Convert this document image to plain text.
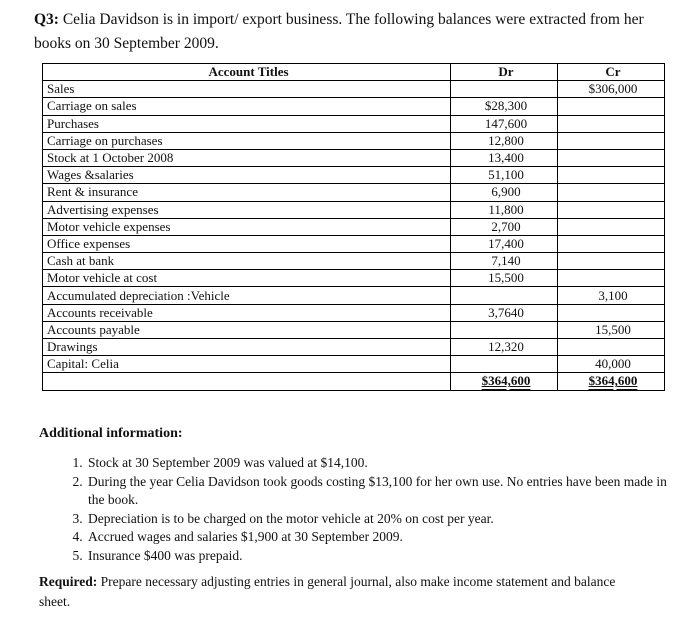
Q3: Celia Davidson is in import/ export business. The following balances were extracted from her books on 30 September 2009.
Account Titles	Dr	Cr
Sales		$306,000
Carriage on sales	$28,300	
Purchases	147,600	
Carriage on purchases	12,800	
Stock at 1 October 2008	13,400	
Wages &salaries	51,100	
Rent & insurance	6,900	
Advertising expenses	11,800	
Motor vehicle expenses	2,700	
Office expenses	17,400	
Cash at bank	7,140	
Motor vehicle at cost	15,500	
Accumulated depreciation :Vehicle		3,100
Accounts receivable	3,7640	
Accounts payable		15,500
Drawings	12,320	
Capital: Celia		40,000
	$364,600	$364,600
Additional information:
1. Stock at 30 September 2009 was valued at $14,100.
2. During the year Celia Davidson took goods costing $13,100 for her own use. No entries have been made in the book.
3. Depreciation is to be charged on the motor vehicle at 20% on cost per year.
4. Accrued wages and salaries $1,900 at 30 September 2009.
5. Insurance $400 was prepaid.
Required: Prepare necessary adjusting entries in general journal, also make income statement and balance sheet.
